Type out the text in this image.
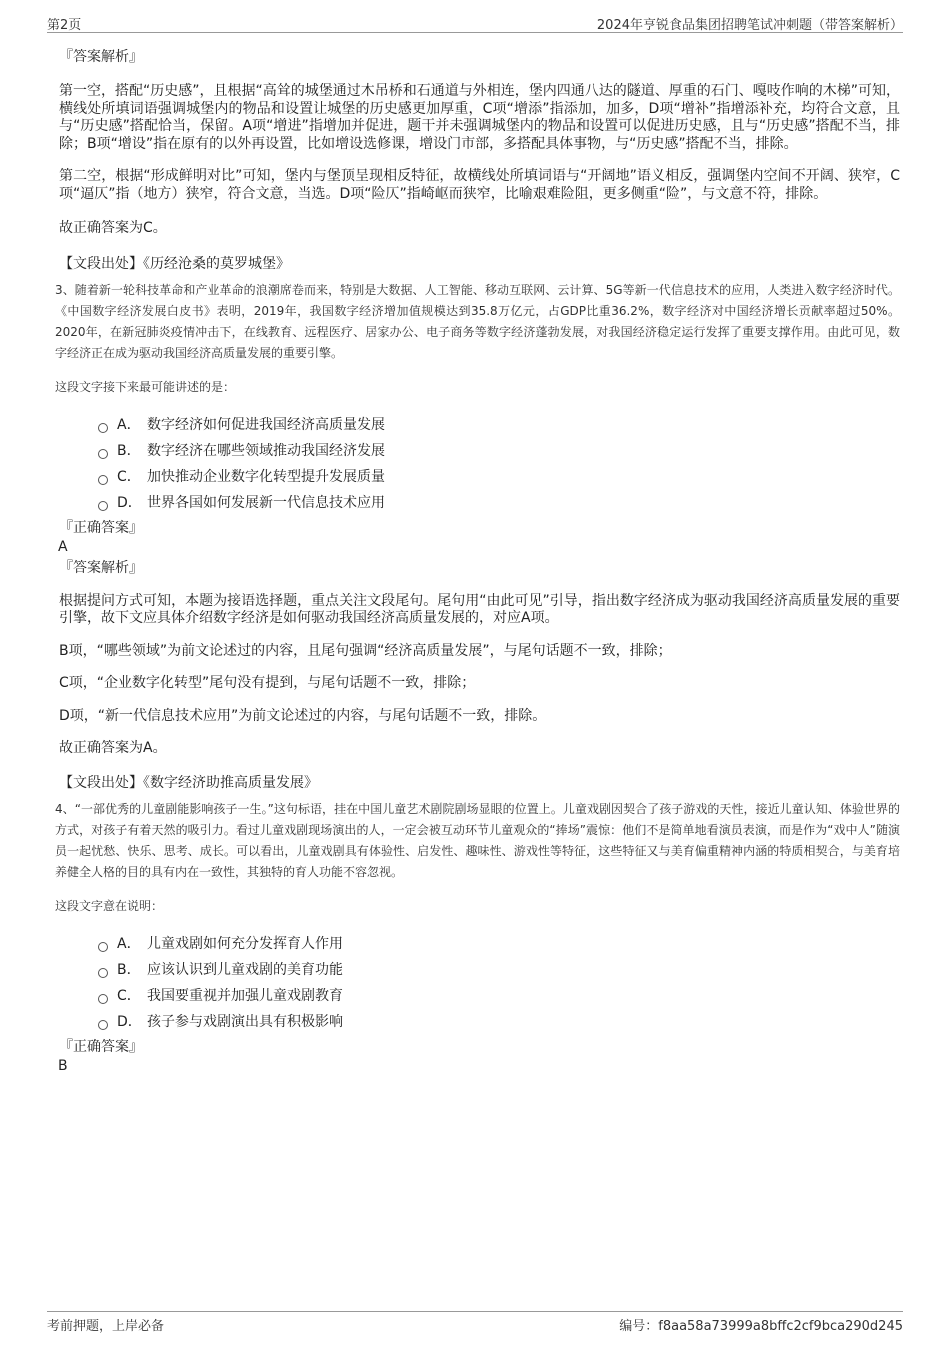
第2页	2024年亨锐食品集团招聘笔试冲刺题（带答案解析）

『答案解析』

第一空，搭配“历史感”，且根据“高耸的城堡通过木吊桥和石通道与外相连，堡内四通八达的隧道、厚重的石门、嘎吱作响的木梯”可知，横线处所填词语强调城堡内的物品和设置让城堡的历史感更加厚重，C项“增添”指添加，加多，D项“增补”指增添补充，均符合文意，且与“历史感”搭配恰当，保留。A项“增进”指增加并促进，题干并未强调城堡内的物品和设置可以促进历史感，且与“历史感”搭配不当，排除；B项“增设”指在原有的以外再设置，比如增设选修课，增设门市部，多搭配具体事物，与“历史感”搭配不当，排除。

第二空，根据“形成鲜明对比”可知，堡内与堡顶呈现相反特征，故横线处所填词语与“开阔地”语义相反，强调堡内空间不开阔、狭窄，C项“逼仄”指（地方）狭窄，符合文意，当选。D项“险仄”指崎岖而狭窄，比喻艰难险阻，更多侧重“险”，与文意不符，排除。

故正确答案为C。

【文段出处】《历经沧桑的莫罗城堡》

3、随着新一轮科技革命和产业革命的浪潮席卷而来，特别是大数据、人工智能、移动互联网、云计算、5G等新一代信息技术的应用，人类进入数字经济时代。《中国数字经济发展白皮书》表明，2019年，我国数字经济增加值规模达到35.8万亿元，占GDP比重36.2%，数字经济对中国经济增长贡献率超过50%。2020年，在新冠肺炎疫情冲击下，在线教育、远程医疗、居家办公、电子商务等数字经济蓬勃发展，对我国经济稳定运行发挥了重要支撑作用。由此可见，数字经济正在成为驱动我国经济高质量发展的重要引擎。

这段文字接下来最可能讲述的是：

A． 数字经济如何促进我国经济高质量发展
B． 数字经济在哪些领域推动我国经济发展
C． 加快推动企业数字化转型提升发展质量
D． 世界各国如何发展新一代信息技术应用

『正确答案』

A

『答案解析』

根据提问方式可知，本题为接语选择题，重点关注文段尾句。尾句用“由此可见”引导，指出数字经济成为驱动我国经济高质量发展的重要引擎，故下文应具体介绍数字经济是如何驱动我国经济高质量发展的，对应A项。

B项，“哪些领域”为前文论述过的内容，且尾句强调“经济高质量发展”，与尾句话题不一致，排除；

C项，“企业数字化转型”尾句没有提到，与尾句话题不一致，排除；

D项，“新一代信息技术应用”为前文论述过的内容，与尾句话题不一致，排除。

故正确答案为A。

【文段出处】《数字经济助推高质量发展》

4、“一部优秀的儿童剧能影响孩子一生。”这句标语，挂在中国儿童艺术剧院剧场显眼的位置上。儿童戏剧因契合了孩子游戏的天性，接近儿童认知、体验世界的方式，对孩子有着天然的吸引力。看过儿童戏剧现场演出的人，一定会被互动环节儿童观众的“捧场”震惊：他们不是简单地看演员表演，而是作为“戏中人”随演员一起忧愁、快乐、思考、成长。可以看出，儿童戏剧具有体验性、启发性、趣味性、游戏性等特征，这些特征又与美育偏重精神内涵的特质相契合，与美育培养健全人格的目的具有内在一致性，其独特的育人功能不容忽视。

这段文字意在说明：

A． 儿童戏剧如何充分发挥育人作用
B． 应该认识到儿童戏剧的美育功能
C． 我国要重视并加强儿童戏剧教育
D． 孩子参与戏剧演出具有积极影响

『正确答案』

B

考前押题，上岸必备	编号：f8aa58a73999a8bffc2cf9bca290d245
